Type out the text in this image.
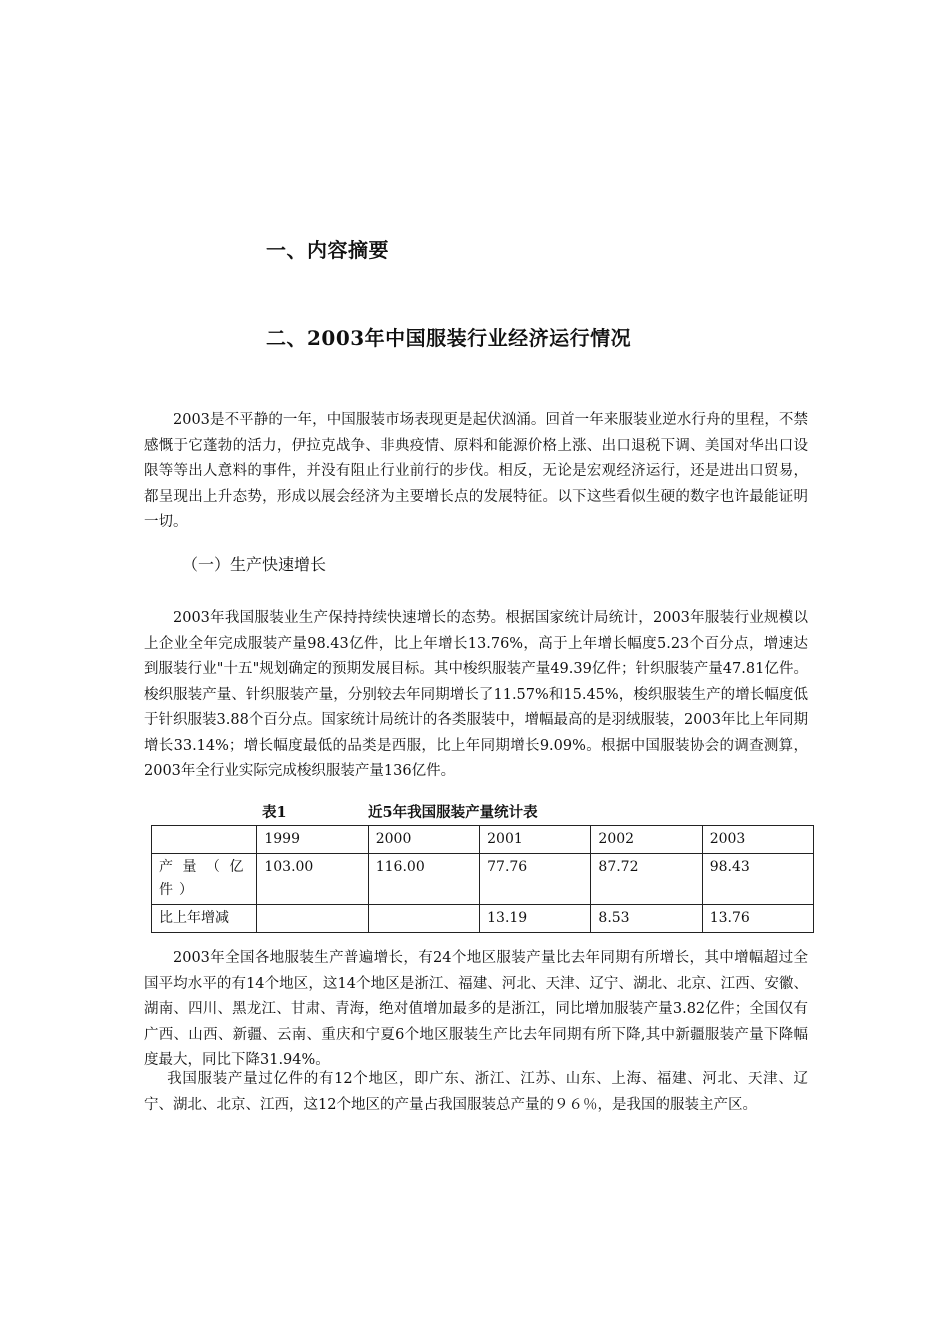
一、内容摘要
二、2003年中国服装行业经济运行情况

2003是不平静的一年，中国服装市场表现更是起伏汹涌。回首一年来服装业逆水行舟的里程，不禁感慨于它蓬勃的活力，伊拉克战争、非典疫情、原料和能源价格上涨、出口退税下调、美国对华出口设限等等出人意料的事件，并没有阻止行业前行的步伐。相反，无论是宏观经济运行，还是进出口贸易，都呈现出上升态势，形成以展会经济为主要增长点的发展特征。以下这些看似生硬的数字也许最能证明一切。

（一）生产快速增长

2003年我国服装业生产保持持续快速增长的态势。根据国家统计局统计，2003年服装行业规模以上企业全年完成服装产量98.43亿件，比上年增长13.76%，高于上年增长幅度5.23个百分点，增速达到服装行业"十五"规划确定的预期发展目标。其中梭织服装产量49.39亿件；针织服装产量47.81亿件。梭织服装产量、针织服装产量，分别较去年同期增长了11.57%和15.45%，梭织服装生产的增长幅度低于针织服装3.88个百分点。国家统计局统计的各类服装中，增幅最高的是羽绒服装，2003年比上年同期增长33.14%；增长幅度最低的品类是西服，比上年同期增长9.09%。根据中国服装协会的调查测算，2003年全行业实际完成梭织服装产量136亿件。

表1	近5年我国服装产量统计表
	1999	2000	2001	2002	2003
产量（亿件）	103.00	116.00	77.76	87.72	98.43
比上年增减			13.19	8.53	13.76

2003年全国各地服装生产普遍增长，有24个地区服装产量比去年同期有所增长，其中增幅超过全国平均水平的有14个地区，这14个地区是浙江、福建、河北、天津、辽宁、湖北、北京、江西、安徽、湖南、四川、黑龙江、甘肃、青海，绝对值增加最多的是浙江，同比增加服装产量3.82亿件；全国仅有广西、山西、新疆、云南、重庆和宁夏6个地区服装生产比去年同期有所下降,其中新疆服装产量下降幅度最大，同比下降31.94%。

我国服装产量过亿件的有12个地区，即广东、浙江、江苏、山东、上海、福建、河北、天津、辽宁、湖北、北京、江西，这12个地区的产量占我国服装总产量的９６％，是我国的服装主产区。
